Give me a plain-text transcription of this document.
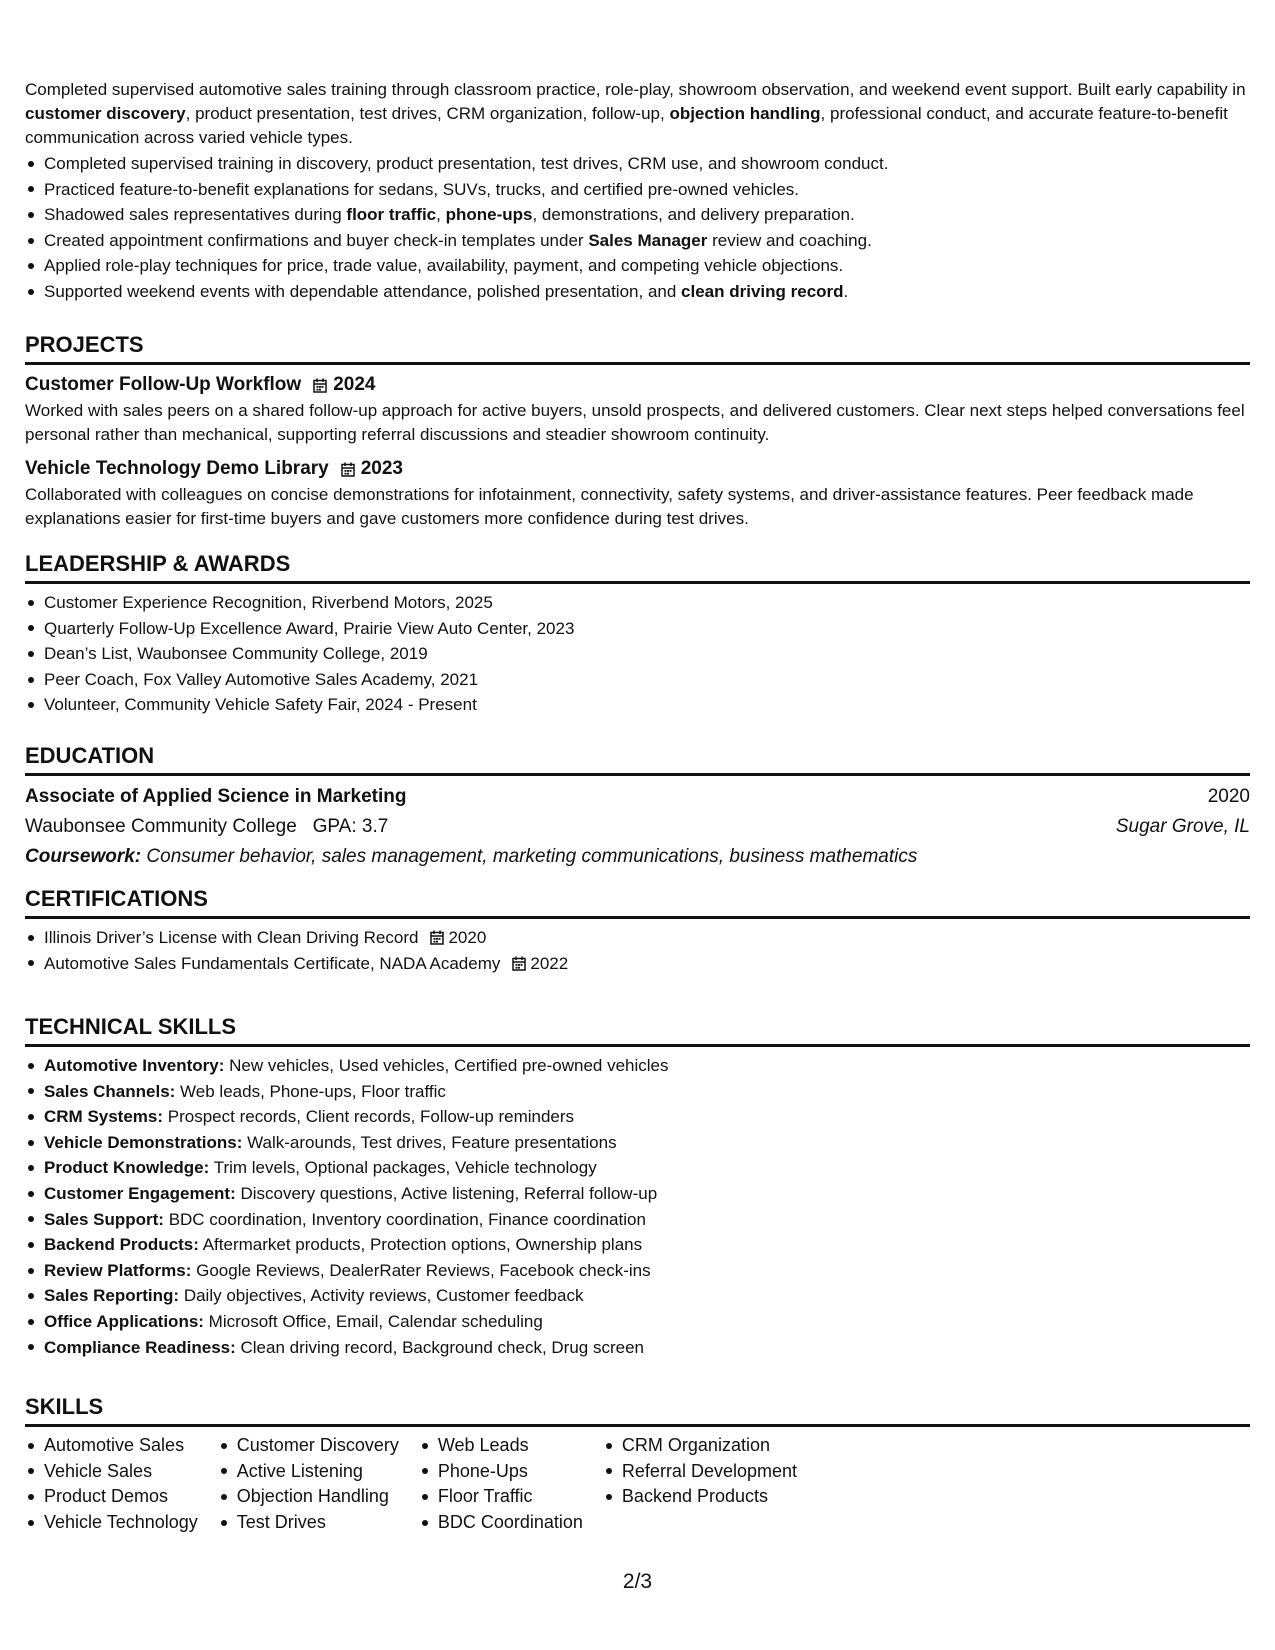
Completed supervised automotive sales training through classroom practice, role-play, showroom observation, and weekend event support. Built early capability in customer discovery, product presentation, test drives, CRM organization, follow-up, objection handling, professional conduct, and accurate feature-to-benefit communication across varied vehicle types.
Completed supervised training in discovery, product presentation, test drives, CRM use, and showroom conduct.
Practiced feature-to-benefit explanations for sedans, SUVs, trucks, and certified pre-owned vehicles.
Shadowed sales representatives during floor traffic, phone-ups, demonstrations, and delivery preparation.
Created appointment confirmations and buyer check-in templates under Sales Manager review and coaching.
Applied role-play techniques for price, trade value, availability, payment, and competing vehicle objections.
Supported weekend events with dependable attendance, polished presentation, and clean driving record.
PROJECTS
Customer Follow-Up Workflow 2024
Worked with sales peers on a shared follow-up approach for active buyers, unsold prospects, and delivered customers. Clear next steps helped conversations feel personal rather than mechanical, supporting referral discussions and steadier showroom continuity.
Vehicle Technology Demo Library 2023
Collaborated with colleagues on concise demonstrations for infotainment, connectivity, safety systems, and driver-assistance features. Peer feedback made explanations easier for first-time buyers and gave customers more confidence during test drives.
LEADERSHIP & AWARDS
Customer Experience Recognition, Riverbend Motors, 2025
Quarterly Follow-Up Excellence Award, Prairie View Auto Center, 2023
Dean’s List, Waubonsee Community College, 2019
Peer Coach, Fox Valley Automotive Sales Academy, 2021
Volunteer, Community Vehicle Safety Fair, 2024 - Present
EDUCATION
Associate of Applied Science in Marketing	2020
Waubonsee Community College GPA: 3.7	Sugar Grove, IL
Coursework: Consumer behavior, sales management, marketing communications, business mathematics
CERTIFICATIONS
Illinois Driver’s License with Clean Driving Record 2020
Automotive Sales Fundamentals Certificate, NADA Academy 2022
TECHNICAL SKILLS
Automotive Inventory: New vehicles, Used vehicles, Certified pre-owned vehicles
Sales Channels: Web leads, Phone-ups, Floor traffic
CRM Systems: Prospect records, Client records, Follow-up reminders
Vehicle Demonstrations: Walk-arounds, Test drives, Feature presentations
Product Knowledge: Trim levels, Optional packages, Vehicle technology
Customer Engagement: Discovery questions, Active listening, Referral follow-up
Sales Support: BDC coordination, Inventory coordination, Finance coordination
Backend Products: Aftermarket products, Protection options, Ownership plans
Review Platforms: Google Reviews, DealerRater Reviews, Facebook check-ins
Sales Reporting: Daily objectives, Activity reviews, Customer feedback
Office Applications: Microsoft Office, Email, Calendar scheduling
Compliance Readiness: Clean driving record, Background check, Drug screen
SKILLS
Automotive Sales
Vehicle Sales
Product Demos
Vehicle Technology
Customer Discovery
Active Listening
Objection Handling
Test Drives
Web Leads
Phone-Ups
Floor Traffic
BDC Coordination
CRM Organization
Referral Development
Backend Products
2/3
